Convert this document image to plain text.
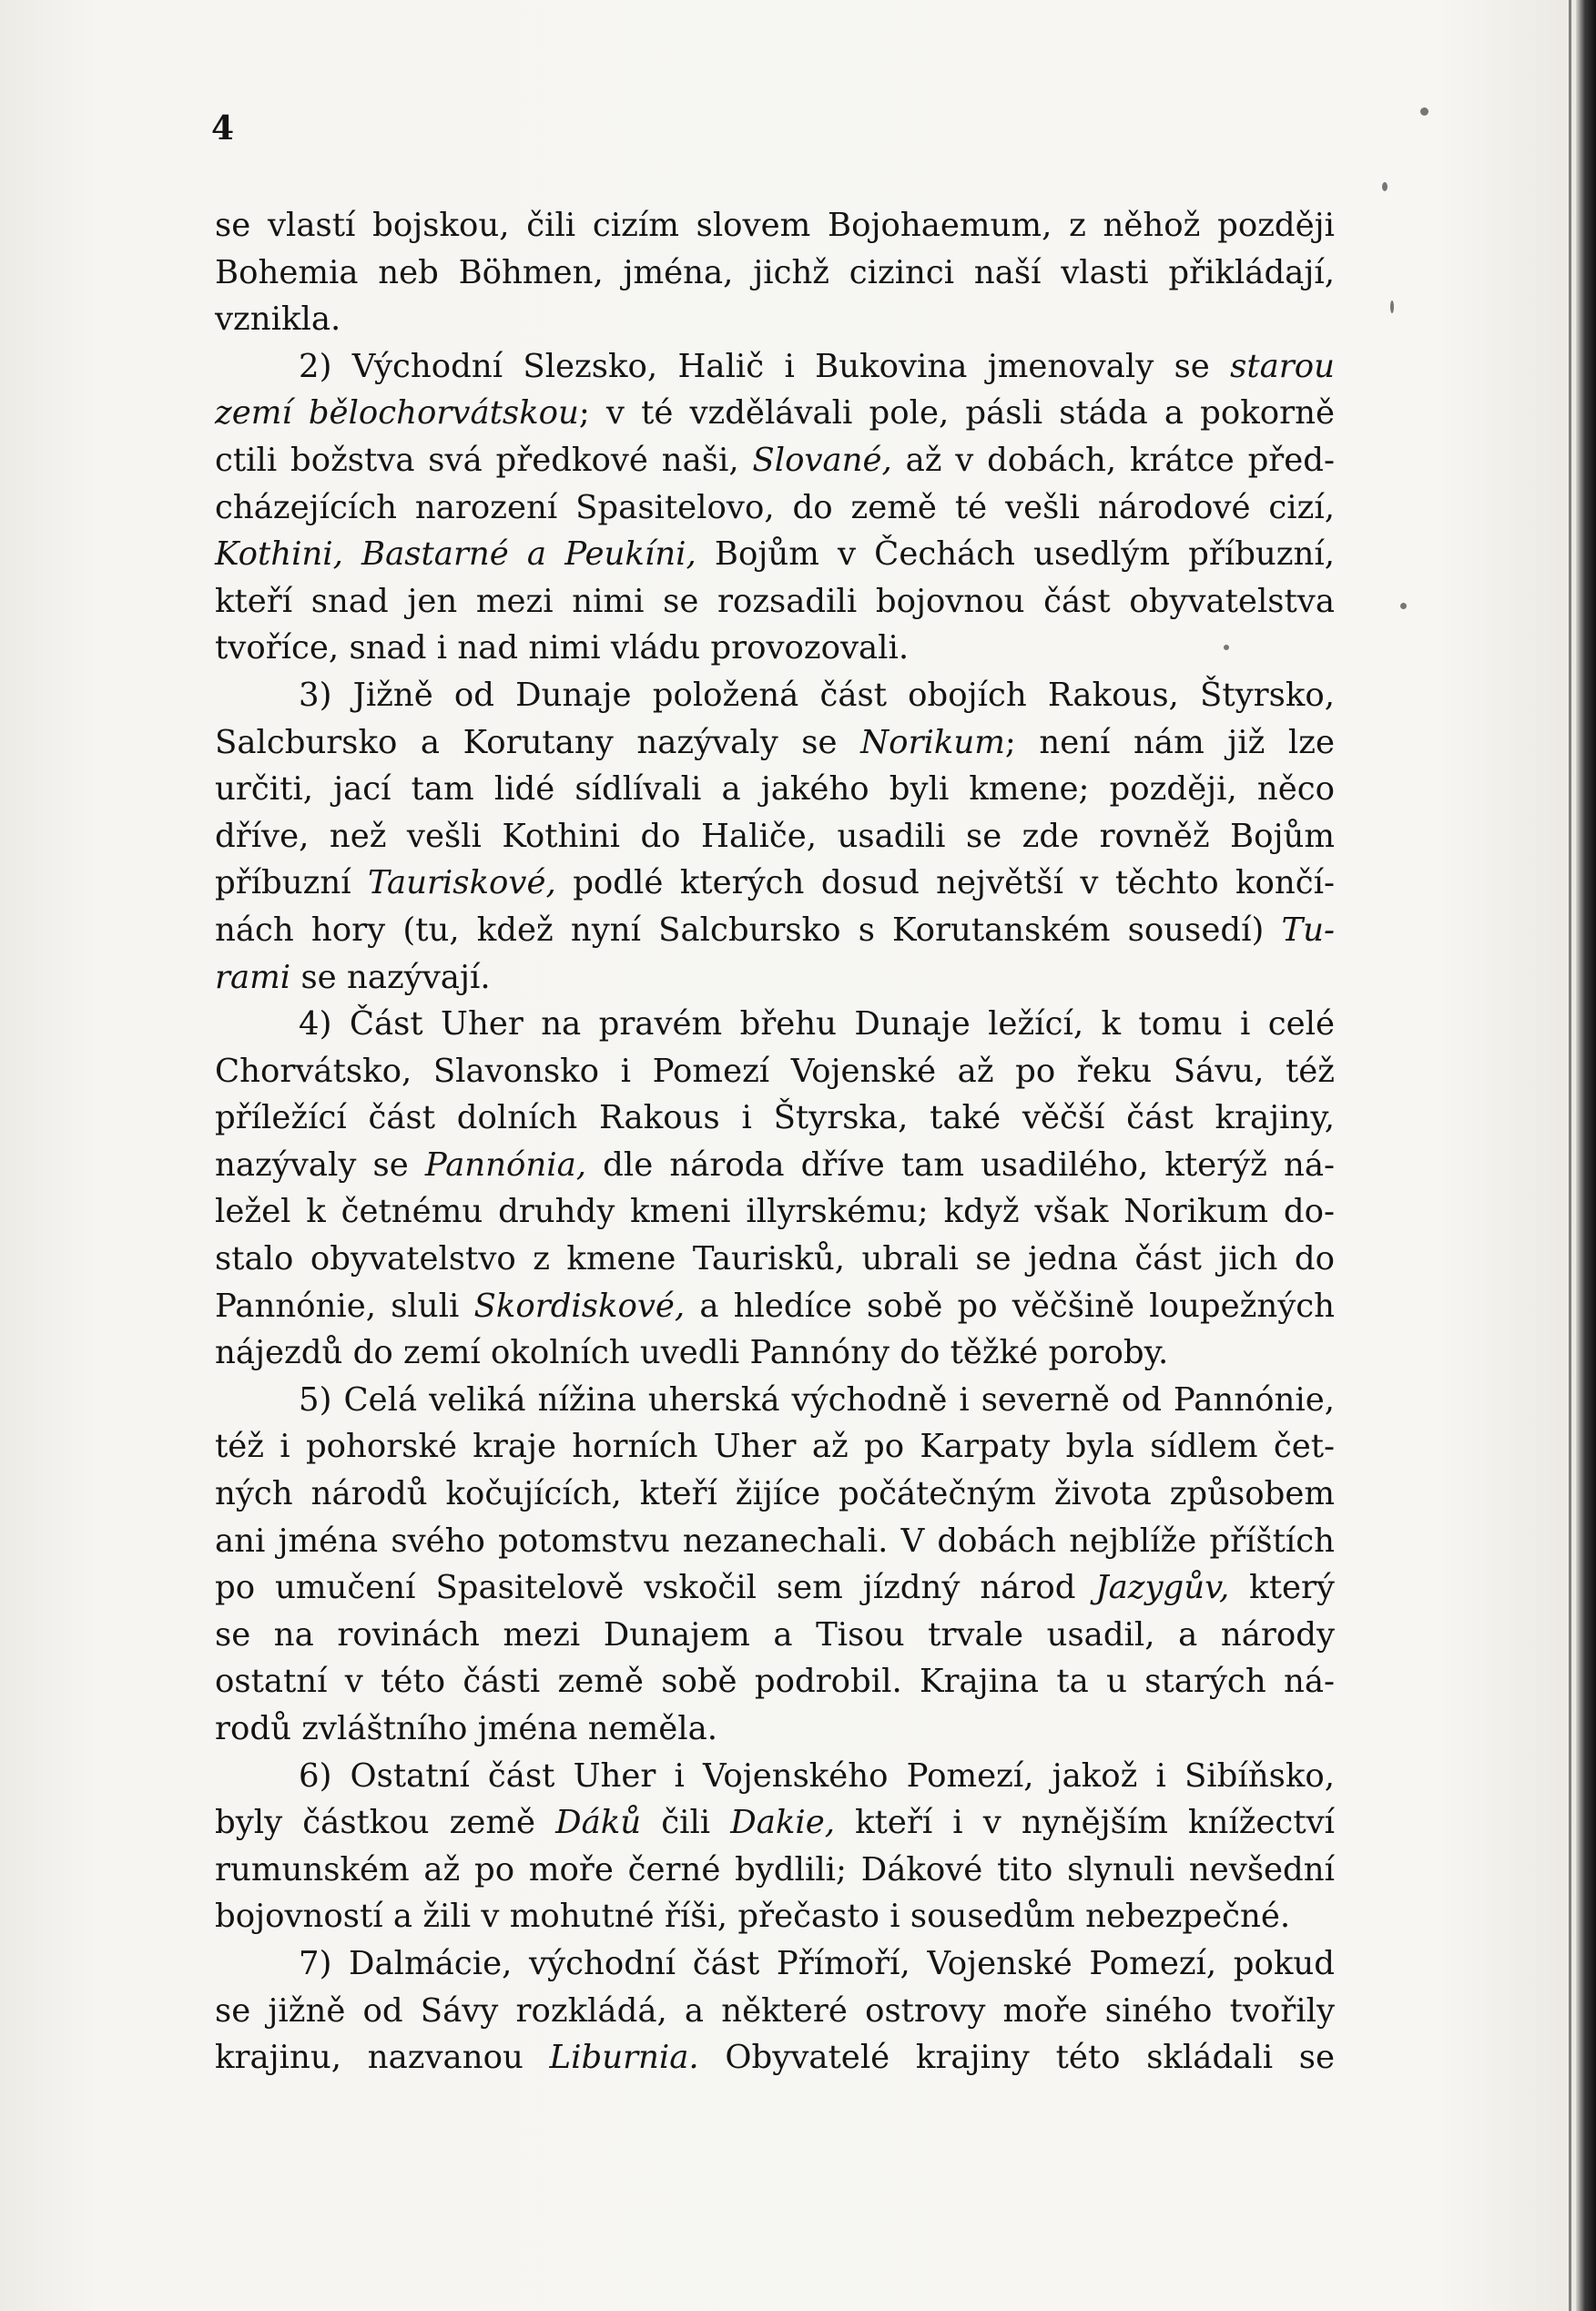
4
se vlastí bojskou, čili cizím slovem Bojohaemum, z něhož později
Bohemia neb Böhmen, jména, jichž cizinci naší vlasti přikládají,
vznikla.
2) Východní Slezsko, Halič i Bukovina jmenovaly se starou
zemí bělochorvátskou; v té vzdělávali pole, pásli stáda a pokorně
ctili božstva svá předkové naši, Slované, až v dobách, krátce před-
cházejících narození Spasitelovo, do země té vešli národové cizí,
Kothini, Bastarné a Peukíni, Bojům v Čechách usedlým příbuzní,
kteří snad jen mezi nimi se rozsadili bojovnou část obyvatelstva
tvoříce, snad i nad nimi vládu provozovali.
3) Jižně od Dunaje položená část obojích Rakous, Štyrsko,
Salcbursko a Korutany nazývaly se Norikum; není nám již lze
určiti, jací tam lidé sídlívali a jakého byli kmene; později, něco
dříve, než vešli Kothini do Haliče, usadili se zde rovněž Bojům
příbuzní Tauriskové, podlé kterých dosud největší v těchto končí-
nách hory (tu, kdež nyní Salcbursko s Korutanském sousedí) Tu-
rami se nazývají.
4) Část Uher na pravém břehu Dunaje ležící, k tomu i celé
Chorvátsko, Slavonsko i Pomezí Vojenské až po řeku Sávu, též
příležící část dolních Rakous i Štyrska, také věčší část krajiny,
nazývaly se Pannónia, dle národa dříve tam usadilého, kterýž ná-
ležel k četnému druhdy kmeni illyrskému; když však Norikum do-
stalo obyvatelstvo z kmene Taurisků, ubrali se jedna část jich do
Pannónie, sluli Skordiskové, a hledíce sobě po věčšině loupežných
nájezdů do zemí okolních uvedli Pannóny do těžké poroby.
5) Celá veliká nížina uherská východně i severně od Pannónie,
též i pohorské kraje horních Uher až po Karpaty byla sídlem čet-
ných národů kočujících, kteří žijíce počátečným života způsobem
ani jména svého potomstvu nezanechali. V dobách nejblíže příštích
po umučení Spasitelově vskočil sem jízdný národ Jazygův, který
se na rovinách mezi Dunajem a Tisou trvale usadil, a národy
ostatní v této části země sobě podrobil. Krajina ta u starých ná-
rodů zvláštního jména neměla.
6) Ostatní část Uher i Vojenského Pomezí, jakož i Sibíňsko,
byly částkou země Dáků čili Dakie, kteří i v nynějším knížectví
rumunském až po moře černé bydlili; Dákové tito slynuli nevšední
bojovností a žili v mohutné říši, přečasto i sousedům nebezpečné.
7) Dalmácie, východní část Přímoří, Vojenské Pomezí, pokud
se jižně od Sávy rozkládá, a některé ostrovy moře siného tvořily
krajinu, nazvanou Liburnia. Obyvatelé krajiny této skládali se
